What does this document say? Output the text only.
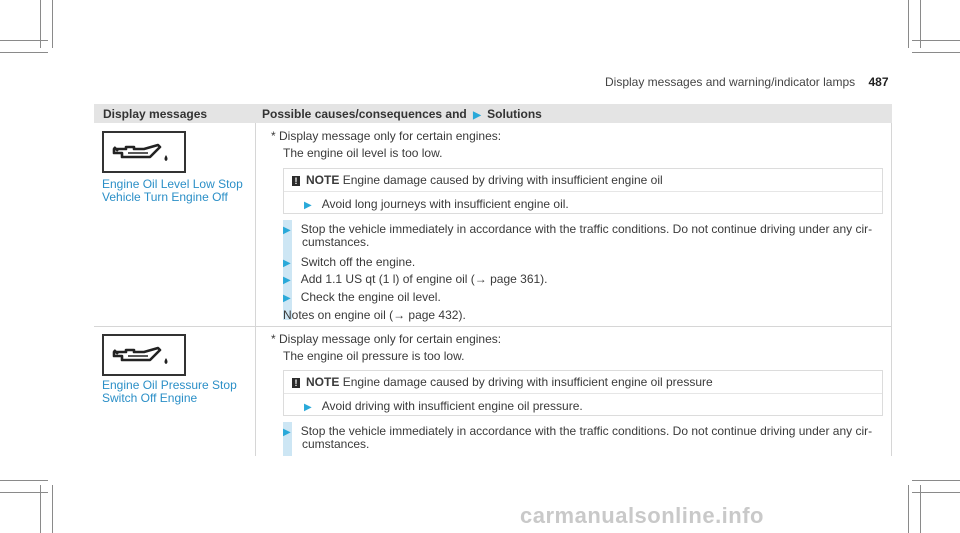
Display messages and warning/indicator lamps 487
Display messages	Possible causes/consequences and ▶ Solutions
Engine Oil Level Low Stop
Vehicle Turn Engine Off
* Display message only for certain engines:
The engine oil level is too low.
! NOTE Engine damage caused by driving with insufficient engine oil
▶ Avoid long journeys with insufficient engine oil.
▶ Stop the vehicle immediately in accordance with the traffic conditions. Do not continue driving under any cir-
cumstances.
▶ Switch off the engine.
▶ Add 1.1 US qt (1 l) of engine oil (→ page 361).
▶ Check the engine oil level.
Notes on engine oil (→ page 432).
Engine Oil Pressure Stop
Switch Off Engine
* Display message only for certain engines:
The engine oil pressure is too low.
! NOTE Engine damage caused by driving with insufficient engine oil pressure
▶ Avoid driving with insufficient engine oil pressure.
▶ Stop the vehicle immediately in accordance with the traffic conditions. Do not continue driving under any cir-
cumstances.
carmanualsonline.info
